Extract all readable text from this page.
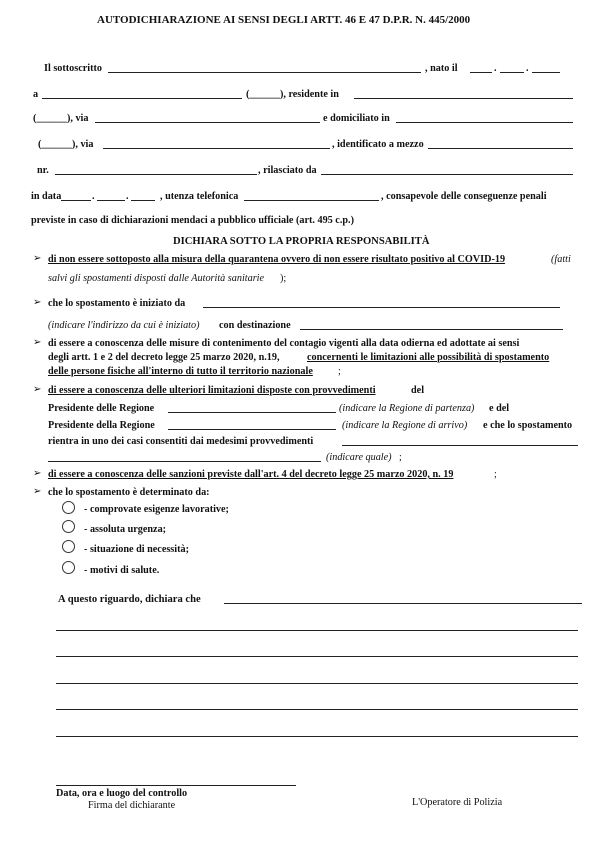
AUTODICHIARAZIONE AI SENSI DEGLI ARTT. 46 E 47 D.P.R. N. 445/2000
Il sottoscritto	, nato il	.	.
a	(______), residente in
(______), via	e domiciliato in
(______), via	, identificato a mezzo
nr.	, rilasciato da
in data	.	.	, utenza telefonica	, consapevole delle conseguenze penali
previste in caso di dichiarazioni mendaci a pubblico ufficiale (art. 495 c.p.)
DICHIARA SOTTO LA PROPRIA RESPONSABILITÀ
➢ di non essere sottoposto alla misura della quarantena ovvero di non essere risultato positivo al COVID-19	(fatti
salvi gli spostamenti disposti dalle Autorità sanitarie );
➢ che lo spostamento è iniziato da
(indicare l'indirizzo da cui è iniziato) con destinazione
➢ di essere a conoscenza delle misure di contenimento del contagio vigenti alla data odierna ed adottate ai sensi
degli artt. 1 e 2 del decreto legge 25 marzo 2020, n.19,	concernenti le limitazioni alle possibilità di spostamento
delle persone fisiche all'interno di tutto il territorio nazionale ;
➢ di essere a conoscenza delle ulteriori limitazioni disposte con provvedimenti	del
Presidente delle Regione	(indicare la Regione di partenza) e del
Presidente della Regione	(indicare la Regione di arrivo) e che lo spostamento
rientra in uno dei casi consentiti dai medesimi provvedimenti
(indicare quale) ;
➢ di essere a conoscenza delle sanzioni previste dall'art. 4 del decreto legge 25 marzo 2020, n. 19	;
➢ che lo spostamento è determinato da:
- comprovate esigenze lavorative;
- assoluta urgenza;
- situazione di necessità;
- motivi di salute.
A questo riguardo, dichiara che
Data, ora e luogo del controllo
Firma del dichiarante	L'Operatore di Polizia
